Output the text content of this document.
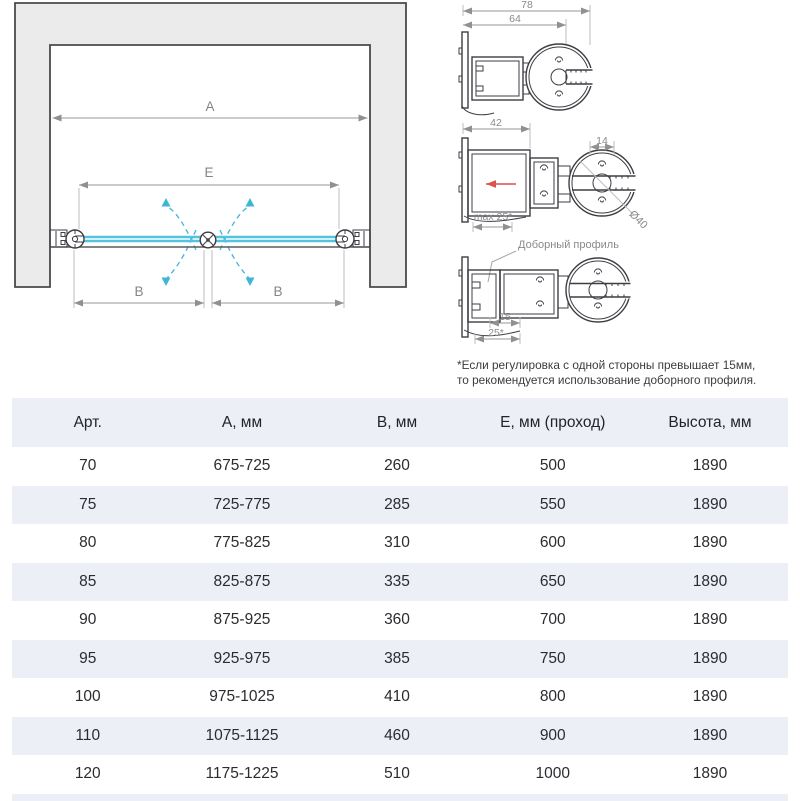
A
E
B	B
78
64
42
14
Ø40
max 25*
Доборный профиль
15
25*
*Если регулировка с одной стороны превышает 15мм,
то рекомендуется использование доборного профиля.
Арт.	А, мм	В, мм	Е, мм (проход)	Высота, мм
70	675-725	260	500	1890
75	725-775	285	550	1890
80	775-825	310	600	1890
85	825-875	335	650	1890
90	875-925	360	700	1890
95	925-975	385	750	1890
100	975-1025	410	800	1890
110	1075-1125	460	900	1890
120	1175-1225	510	1000	1890
